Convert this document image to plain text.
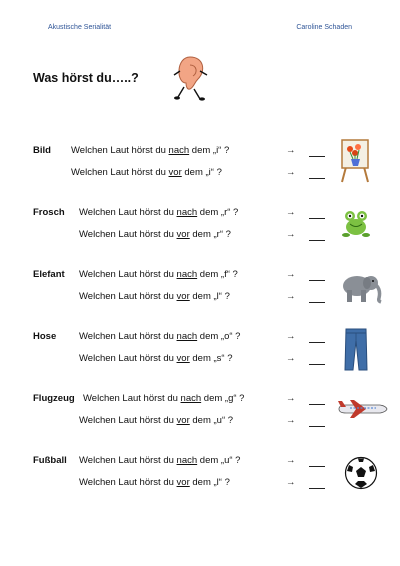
Akustische Serialität	Caroline Schaden
Was hörst du…..?
Bild Welchen Laut hörst du nach dem „i“ ?	→
Welchen Laut hörst du vor dem „i“ ?	→
Frosch Welchen Laut hörst du nach dem „r“ ?	→
Welchen Laut hörst du vor dem „r“ ?	→
Elefant Welchen Laut hörst du nach dem „f“ ?	→
Welchen Laut hörst du vor dem „l“ ?	→
Hose Welchen Laut hörst du nach dem „o“ ?	→
Welchen Laut hörst du vor dem „s“ ?	→
Flugzeug Welchen Laut hörst du nach dem „g“ ?	→
Welchen Laut hörst du vor dem „u“ ?	→
Fußball Welchen Laut hörst du nach dem „u“ ?	→
Welchen Laut hörst du vor dem „l“ ?	→
